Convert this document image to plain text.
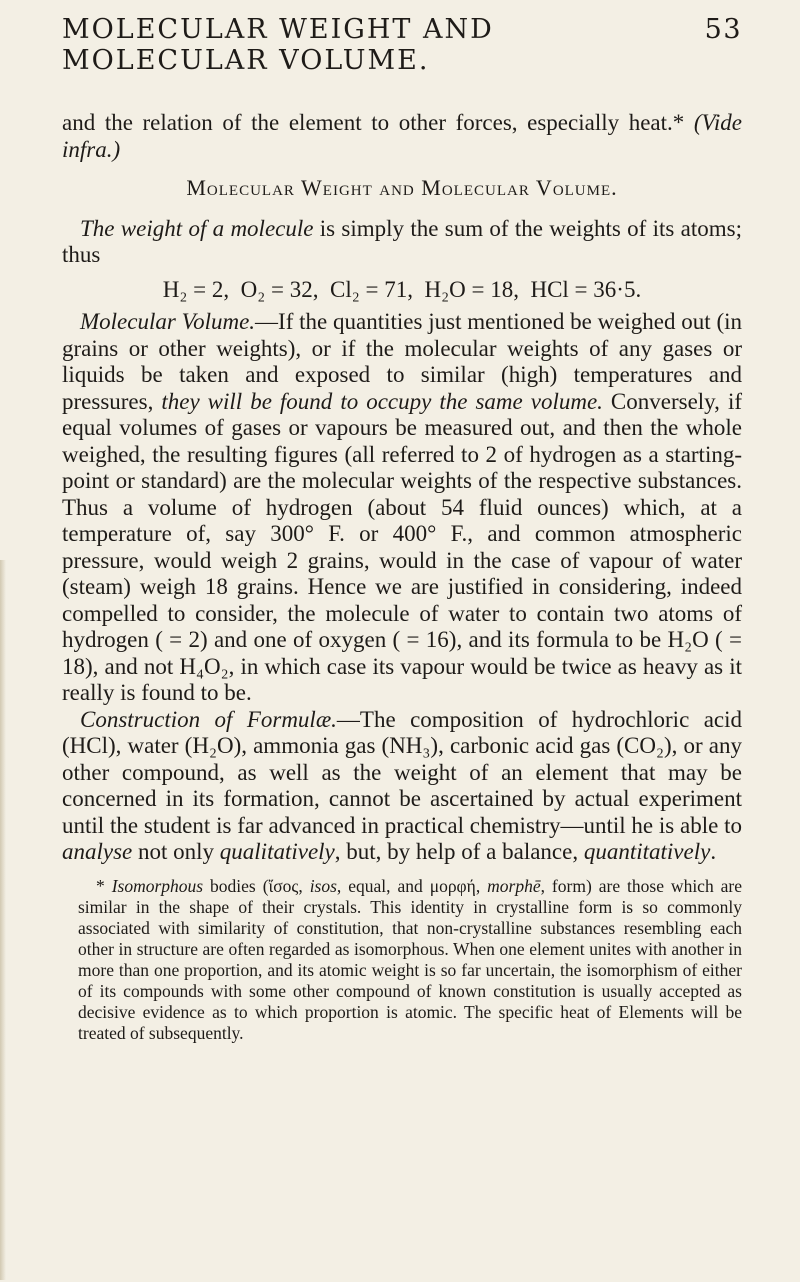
MOLECULAR WEIGHT AND MOLECULAR VOLUME.
53

and the relation of the element to other forces, especially heat.* (Vide infra.)

Molecular Weight and Molecular Volume.

The weight of a molecule is simply the sum of the weights of its atoms; thus

H₂ = 2, O₂ = 32, Cl₂ = 71, H₂O = 18, HCl = 36·5.

Molecular Volume.—If the quantities just mentioned be weighed out (in grains or other weights), or if the molecular weights of any gases or liquids be taken and exposed to similar (high) temperatures and pressures, they will be found to occupy the same volume. Conversely, if equal volumes of gases or vapours be measured out, and then the whole weighed, the resulting figures (all referred to 2 of hydrogen as a starting-point or standard) are the molecular weights of the respective substances. Thus a volume of hydrogen (about 54 fluid ounces) which, at a temperature of, say 300° F. or 400° F., and common atmospheric pressure, would weigh 2 grains, would in the case of vapour of water (steam) weigh 18 grains. Hence we are justified in considering, indeed compelled to consider, the molecule of water to contain two atoms of hydrogen ( = 2) and one of oxygen ( = 16), and its formula to be H₂O ( = 18), and not H₄O₂, in which case its vapour would be twice as heavy as it really is found to be.

Construction of Formulæ.—The composition of hydrochloric acid (HCl), water (H₂O), ammonia gas (NH₃), carbonic acid gas (CO₂), or any other compound, as well as the weight of an element that may be concerned in its formation, cannot be ascertained by actual experiment until the student is far advanced in practical chemistry—until he is able to analyse not only qualitatively, but, by help of a balance, quantitatively.

* Isomorphous bodies (ἴσος, isos, equal, and μορφή, morphē, form) are those which are similar in the shape of their crystals. This identity in crystalline form is so commonly associated with similarity of constitution, that non-crystalline substances resembling each other in structure are often regarded as isomorphous. When one element unites with another in more than one proportion, and its atomic weight is so far uncertain, the isomorphism of either of its compounds with some other compound of known constitution is usually accepted as decisive evidence as to which proportion is atomic. The specific heat of Elements will be treated of subsequently.
